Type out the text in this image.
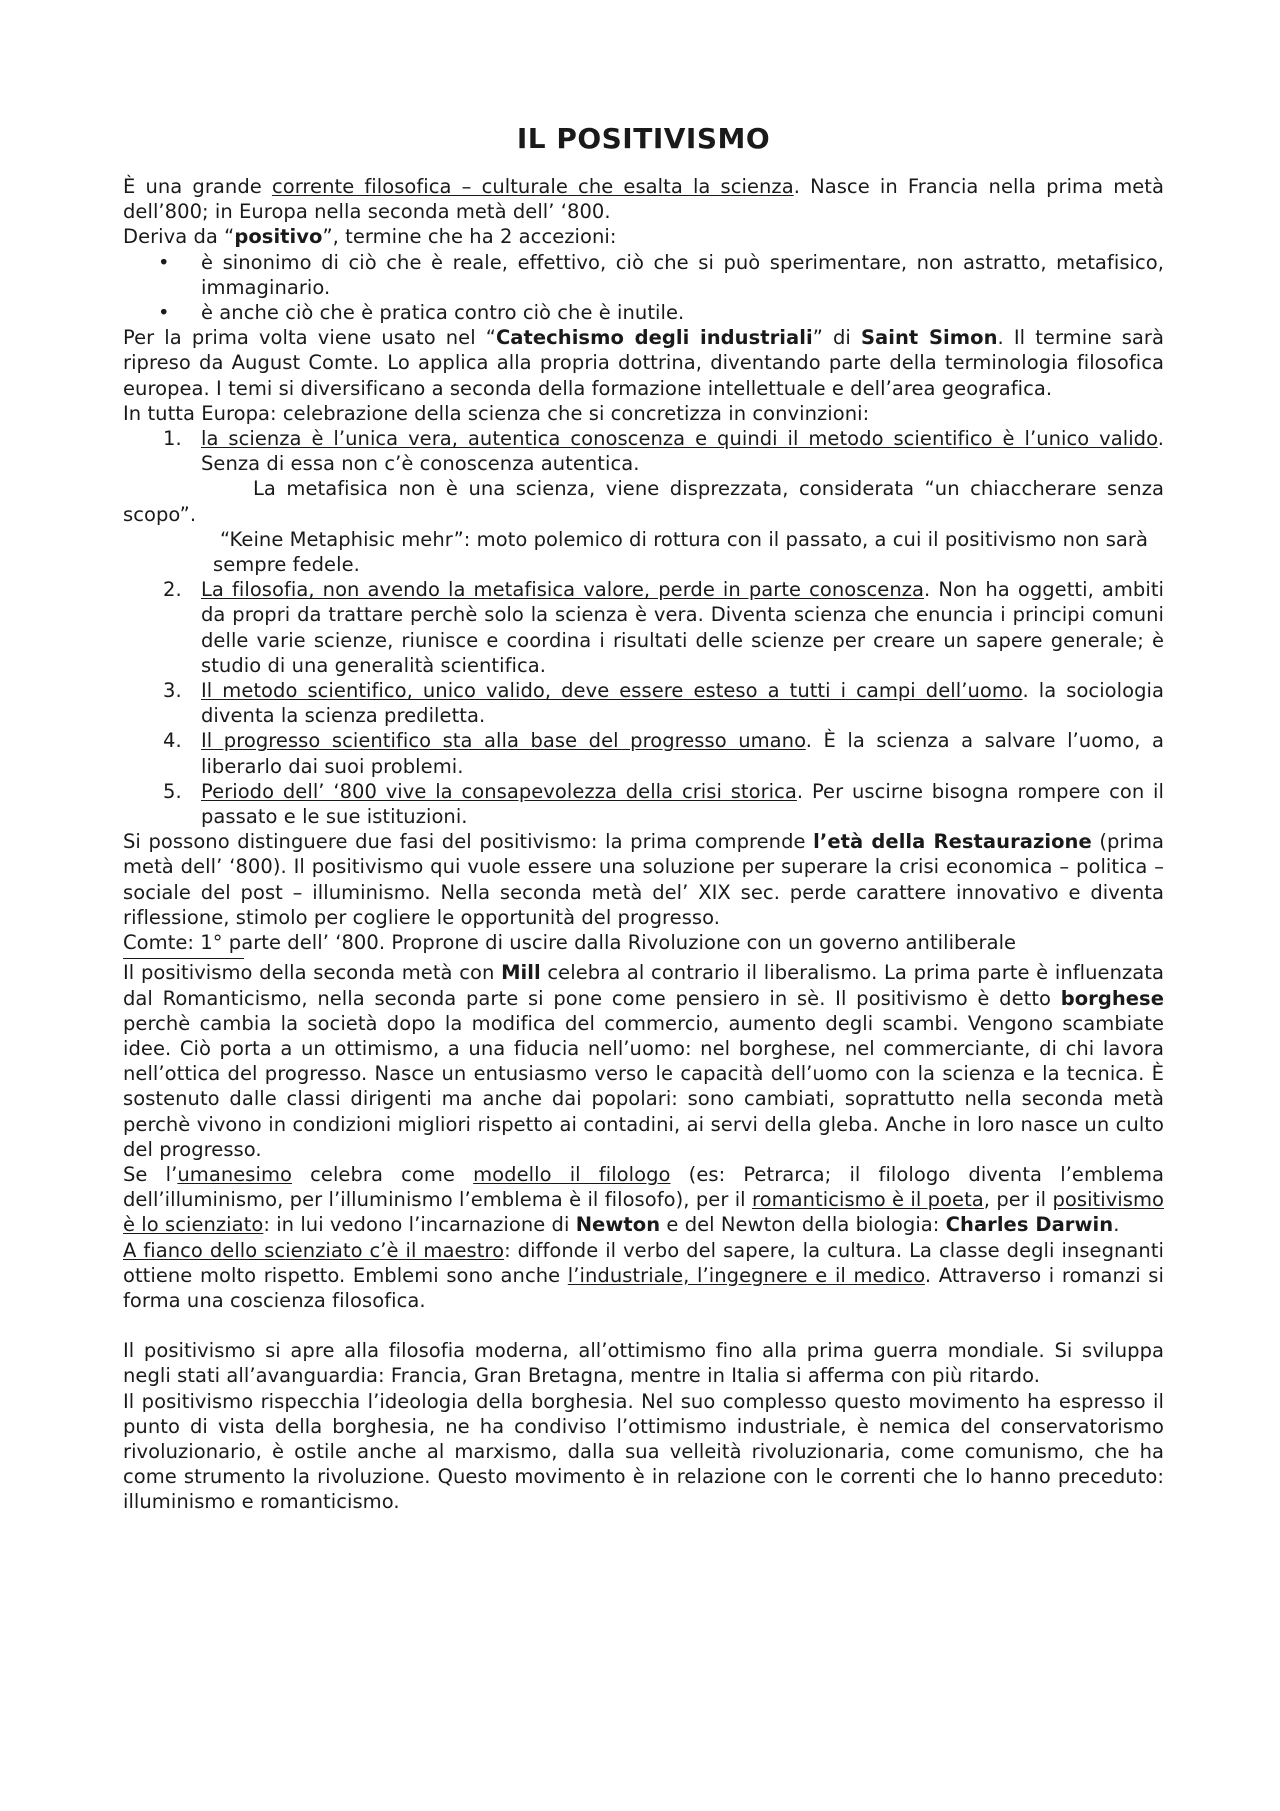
IL POSITIVISMO

È una grande corrente filosofica – culturale che esalta la scienza. Nasce in Francia nella prima metà dell’800; in Europa nella seconda metà dell’ ‘800.

Deriva da “positivo”, termine che ha 2 accezioni:

• è sinonimo di ciò che è reale, effettivo, ciò che si può sperimentare, non astratto, metafisico, immaginario.
• è anche ciò che è pratica contro ciò che è inutile.

Per la prima volta viene usato nel “Catechismo degli industriali” di Saint Simon. Il termine sarà ripreso da August Comte. Lo applica alla propria dottrina, diventando parte della terminologia filosofica europea. I temi si diversificano a seconda della formazione intellettuale e dell’area geografica.

In tutta Europa: celebrazione della scienza che si concretizza in convinzioni:

1. la scienza è l’unica vera, autentica conoscenza e quindi il metodo scientifico è l’unico valido. Senza di essa non c’è conoscenza autentica.

La metafisica non è una scienza, viene disprezzata, considerata “un chiaccherare senza scopo”.

“Keine Metaphisic mehr”: moto polemico di rottura con il passato, a cui il positivismo non sarà

sempre fedele.

2. La filosofia, non avendo la metafisica valore, perde in parte conoscenza. Non ha oggetti, ambiti da propri da trattare perchè solo la scienza è vera. Diventa scienza che enuncia i principi comuni delle varie scienze, riunisce e coordina i risultati delle scienze per creare un sapere generale; è studio di una generalità scientifica.
3. Il metodo scientifico, unico valido, deve essere esteso a tutti i campi dell’uomo. la sociologia diventa la scienza prediletta.
4. Il progresso scientifico sta alla base del progresso umano. È la scienza a salvare l’uomo, a liberarlo dai suoi problemi.
5. Periodo dell’ ‘800 vive la consapevolezza della crisi storica. Per uscirne bisogna rompere con il passato e le sue istituzioni.

Si possono distinguere due fasi del positivismo: la prima comprende l’età della Restaurazione (prima metà dell’ ‘800). Il positivismo qui vuole essere una soluzione per superare la crisi economica – politica – sociale del post – illuminismo. Nella seconda metà del’ XIX sec. perde carattere innovativo e diventa riflessione, stimolo per cogliere le opportunità del progresso.

Comte: 1° parte dell’ ‘800. Proprone di uscire dalla Rivoluzione con un governo antiliberale

Il positivismo della seconda metà con Mill celebra al contrario il liberalismo. La prima parte è influenzata dal Romanticismo, nella seconda parte si pone come pensiero in sè. Il positivismo è detto borghese perchè cambia la società dopo la modifica del commercio, aumento degli scambi. Vengono scambiate idee. Ciò porta a un ottimismo, a una fiducia nell’uomo: nel borghese, nel commerciante, di chi lavora nell’ottica del progresso. Nasce un entusiasmo verso le capacità dell’uomo con la scienza e la tecnica. È sostenuto dalle classi dirigenti ma anche dai popolari: sono cambiati, soprattutto nella seconda metà perchè vivono in condizioni migliori rispetto ai contadini, ai servi della gleba. Anche in loro nasce un culto del progresso.

Se l’umanesimo celebra come modello il filologo (es: Petrarca; il filologo diventa l’emblema dell’illuminismo, per l’illuminismo l’emblema è il filosofo), per il romanticismo è il poeta, per il positivismo è lo scienziato: in lui vedono l’incarnazione di Newton e del Newton della biologia: Charles Darwin.

A fianco dello scienziato c’è il maestro: diffonde il verbo del sapere, la cultura. La classe degli insegnanti ottiene molto rispetto. Emblemi sono anche l’industriale, l’ingegnere e il medico. Attraverso i romanzi si forma una coscienza filosofica.

Il positivismo si apre alla filosofia moderna, all’ottimismo fino alla prima guerra mondiale. Si sviluppa negli stati all’avanguardia: Francia, Gran Bretagna, mentre in Italia si afferma con più ritardo.

Il positivismo rispecchia l’ideologia della borghesia. Nel suo complesso questo movimento ha espresso il punto di vista della borghesia, ne ha condiviso l’ottimismo industriale, è nemica del conservatorismo rivoluzionario, è ostile anche al marxismo, dalla sua velleità rivoluzionaria, come comunismo, che ha come strumento la rivoluzione. Questo movimento è in relazione con le correnti che lo hanno preceduto: illuminismo e romanticismo.
